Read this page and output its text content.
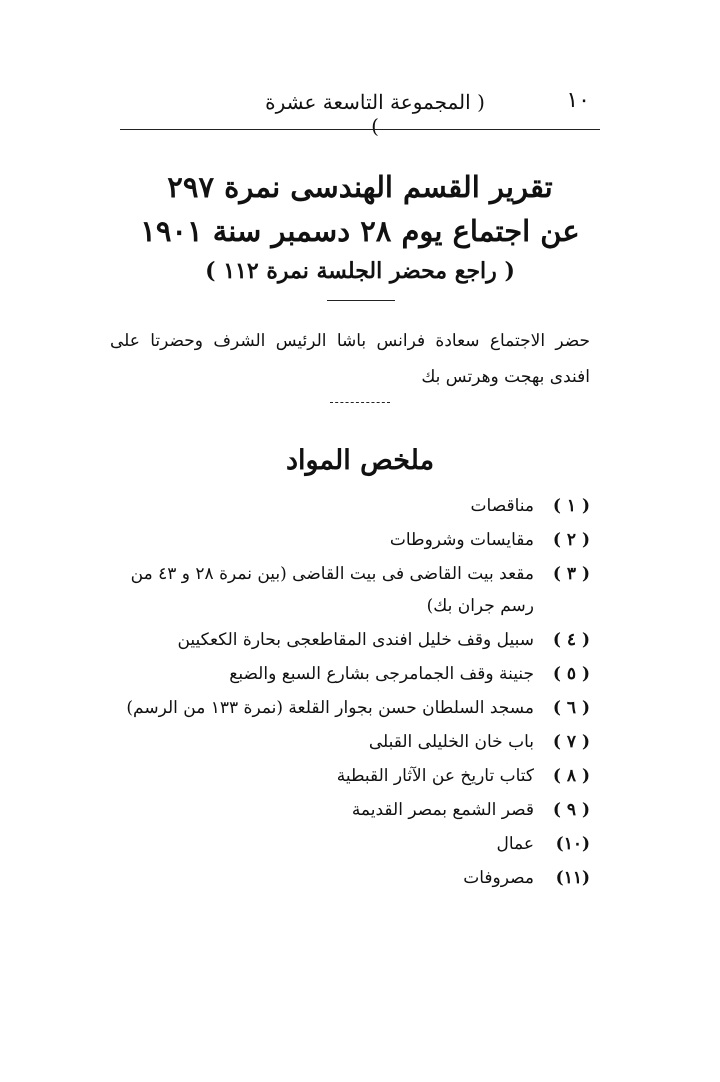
١٠
( المجموعة التاسعة عشرة )
تقرير القسم الهندسى نمرة ٢٩٧
عن اجتماع يوم ٢٨ دسمبر سنة ١٩٠١
( راجع محضر الجلسة نمرة ١١٢ )
حضر الاجتماع سعادة فرانس باشا الرئيس الشرف وحضرتا على افندى بهجت وهرتس بك
ملخص المواد
( ١ )
مناقصات
( ٢ )
مقايسات وشروطات
( ٣ )
مقعد بيت القاضى فى بيت القاضى (بين نمرة ٢٨ و ٤٣ من رسم جران بك)
( ٤ )
سبيل وقف خليل افندى المقاطعجى بحارة الكعكيين
( ٥ )
جنينة وقف الجمامرجى بشارع السبع والضبع
( ٦ )
مسجد السلطان حسن بجوار القلعة (نمرة ١٣٣ من الرسم)
( ٧ )
باب خان الخليلى القبلى
( ٨ )
كتاب تاريخ عن الآثار القبطية
( ٩ )
قصر الشمع بمصر القديمة
(١٠)
عمال
(١١)
مصروفات
